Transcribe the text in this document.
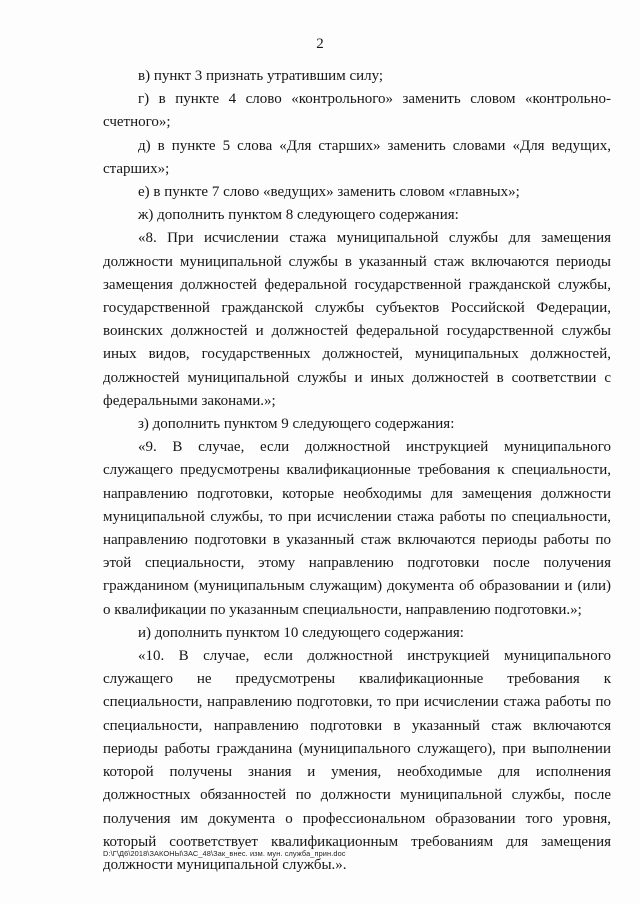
2

в) пункт 3 признать утратившим силу;

г) в пункте 4 слово «контрольного» заменить словом «контрольно-счетного»;

д) в пункте 5 слова «Для старших» заменить словами «Для ведущих, старших»;

е) в пункте 7 слово «ведущих» заменить словом «главных»;

ж) дополнить пунктом 8 следующего содержания:

«8. При исчислении стажа муниципальной службы для замещения должности муниципальной службы в указанный стаж включаются периоды замещения должностей федеральной государственной гражданской службы, государственной гражданской службы субъектов Российской Федерации, воинских должностей и должностей федеральной государственной службы иных видов, государственных должностей, муниципальных должностей, должностей муниципальной службы и иных должностей в соответствии с федеральными законами.»;

з) дополнить пунктом 9 следующего содержания:

«9. В случае, если должностной инструкцией муниципального служащего предусмотрены квалификационные требования к специальности, направлению подготовки, которые необходимы для замещения должности муниципальной службы, то при исчислении стажа работы по специальности, направлению подготовки в указанный стаж включаются периоды работы по этой специальности, этому направлению подготовки после получения гражданином (муниципальным служащим) документа об образовании и (или) о квалификации по указанным специальности, направлению подготовки.»;

и) дополнить пунктом 10 следующего содержания:

«10. В случае, если должностной инструкцией муниципального служащего не предусмотрены квалификационные требования к специальности, направлению подготовки, то при исчислении стажа работы по специальности, направлению подготовки в указанный стаж включаются периоды работы гражданина (муниципального служащего), при выполнении которой получены знания и умения, необходимые для исполнения должностных обязанностей по должности муниципальной службы, после получения им документа о профессиональном образовании того уровня, который соответствует квалификационным требованиям для замещения должности муниципальной службы.».

D:\Г\Д6\2018\ЗАКОНЫ\ЗАС_48\Зак_внес. изм. мун. служба_прин.doc
